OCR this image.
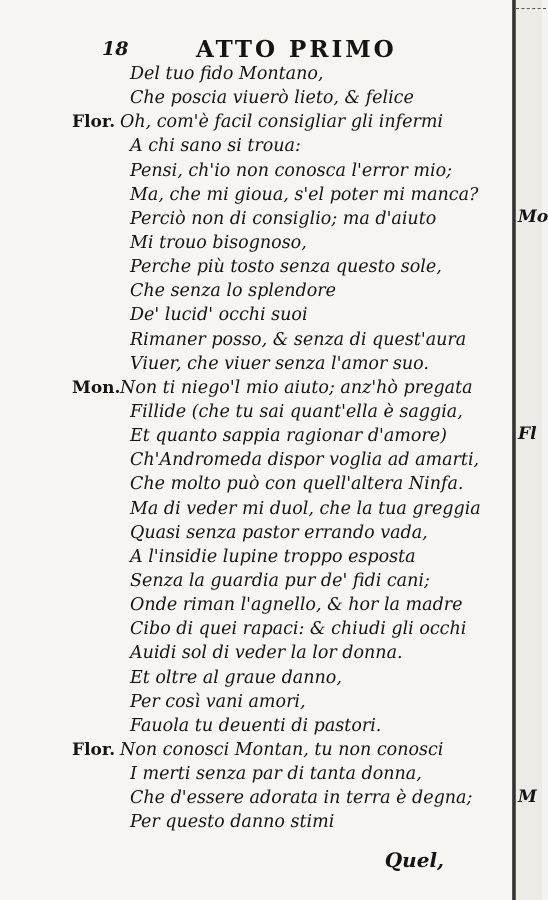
18	ATTO PRIMO
Del tuo fido Montano,
Che poscia viuerò lieto, & felice
Flor. Oh, com'è facil consigliar gli infermi
A chi sano si troua:
Pensi, ch'io non conosca l'error mio;
Ma, che mi gioua, s'el poter mi manca?
Perciò non di consiglio; ma d'aiuto
Mi trouo bisognoso,
Perche più tosto senza questo sole,
Che senza lo splendore
De' lucid' occhi suoi
Rimaner posso, & senza di quest'aura
Viuer, che viuer senza l'amor suo.
Mon. Non ti niego'l mio aiuto; anz'hò pregata
Fillide (che tu sai quant'ella è saggia,
Et quanto sappia ragionar d'amore)
Ch'Andromeda dispor voglia ad amarti,
Che molto può con quell'altera Ninfa.
Ma di veder mi duol, che la tua greggia
Quasi senza pastor errando vada,
A l'insidie lupine troppo esposta
Senza la guardia pur de' fidi cani;
Onde riman l'agnello, & hor la madre
Cibo di quei rapaci: & chiudi gli occhi
Auidi sol di veder la lor donna.
Et oltre al graue danno,
Per così vani amori,
Fauola tu deuenti di pastori.
Flor. Non conosci Montan, tu non conosci
I merti senza par di tanta donna,
Che d'essere adorata in terra è degna;
Per questo danno stimi
Quel,
Mo
Fl
M
